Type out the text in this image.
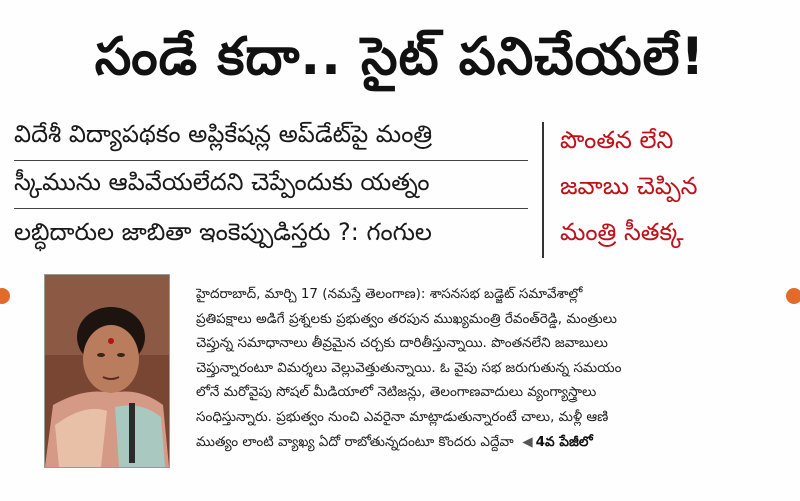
సండే కదా.. సైట్ పనిచేయలే!
విదేశీ విద్యాపథకం అప్లికేషన్ల అప్‌డేట్‌పై మంత్రి
స్కీమును ఆపివేయలేదని చెప్పేందుకు యత్నం
లబ్ధిదారుల జాబితా ఇంకెప్పుడిస్తరు ?: గంగుల
పొంతన లేని
జవాబు చెప్పిన
మంత్రి సీతక్క
హైదరాబాద్, మార్చి 17 (నమస్తే తెలంగాణ): శాసనసభ బడ్జెట్ సమావేశాల్లో
ప్రతిపక్షాలు అడిగే ప్రశ్నలకు ప్రభుత్వం తరపున ముఖ్యమంత్రి రేవంత్‌రెడ్డి, మంత్రులు
చెప్తున్న సమాధానాలు తీవ్రమైన చర్చకు దారితీస్తున్నాయి. పొంతనలేని జవాబులు
చెప్తున్నారంటూ విమర్శలు వెల్లువెత్తుతున్నాయి. ఓ వైపు సభ జరుగుతున్న సమయం
లోనే మరోవైపు సోషల్ మీడియాలో నెటిజన్లు, తెలంగాణవాదులు వ్యంగ్యాస్త్రాలు
సంధిస్తున్నారు. ప్రభుత్వం నుంచి ఎవరైనా మాట్లాడుతున్నారంటే చాలు, మళ్లీ ఆణి
ముత్యం లాంటి వ్యాఖ్య ఏదో రాబోతున్నదంటూ కొందరు ఎద్దేవా  ◀ 4వ పేజీలో
